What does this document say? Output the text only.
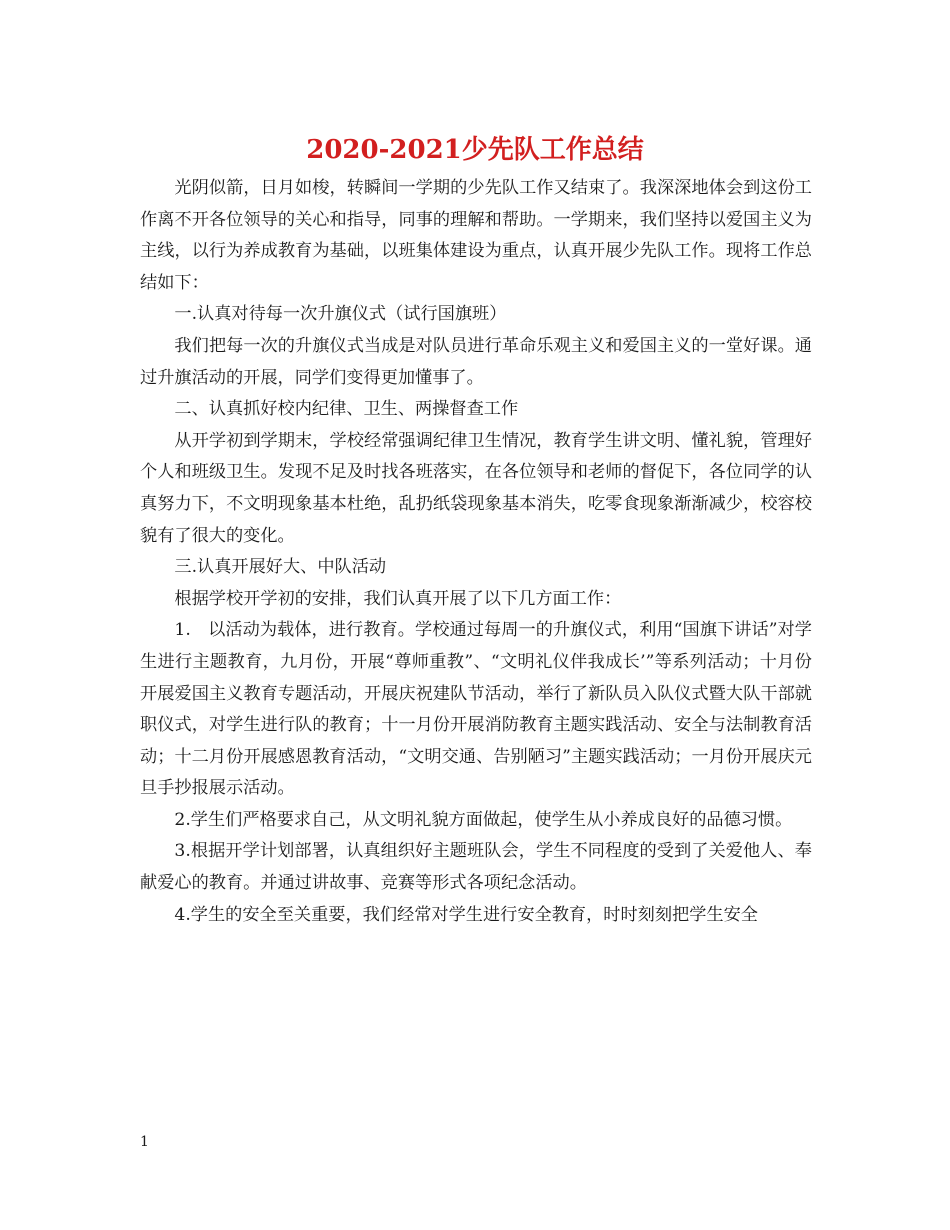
2020-2021少先队工作总结

光阴似箭，日月如梭，转瞬间一学期的少先队工作又结束了。我深深地体会到这份工作离不开各位领导的关心和指导，同事的理解和帮助。一学期来，我们坚持以爱国主义为主线，以行为养成教育为基础，以班集体建设为重点，认真开展少先队工作。现将工作总结如下：

一.认真对待每一次升旗仪式（试行国旗班）

我们把每一次的升旗仪式当成是对队员进行革命乐观主义和爱国主义的一堂好课。通过升旗活动的开展，同学们变得更加懂事了。

二、认真抓好校内纪律、卫生、两操督查工作

从开学初到学期末，学校经常强调纪律卫生情况，教育学生讲文明、懂礼貌，管理好个人和班级卫生。发现不足及时找各班落实，在各位领导和老师的督促下，各位同学的认真努力下，不文明现象基本杜绝，乱扔纸袋现象基本消失，吃零食现象渐渐减少，校容校貌有了很大的变化。

三.认真开展好大、中队活动

根据学校开学初的安排，我们认真开展了以下几方面工作：

1.　以活动为载体，进行教育。学校通过每周一的升旗仪式，利用“国旗下讲话”对学生进行主题教育，九月份，开展“尊师重教”、“文明礼仪伴我成长’”等系列活动；十月份开展爱国主义教育专题活动，开展庆祝建队节活动，举行了新队员入队仪式暨大队干部就职仪式，对学生进行队的教育；十一月份开展消防教育主题实践活动、安全与法制教育活动；十二月份开展感恩教育活动，“文明交通、告别陋习”主题实践活动；一月份开展庆元旦手抄报展示活动。

2.学生们严格要求自己，从文明礼貌方面做起，使学生从小养成良好的品德习惯。

3.根据开学计划部署，认真组织好主题班队会，学生不同程度的受到了关爱他人、奉献爱心的教育。并通过讲故事、竞赛等形式各项纪念活动。

4.学生的安全至关重要，我们经常对学生进行安全教育，时时刻刻把学生安全

1
